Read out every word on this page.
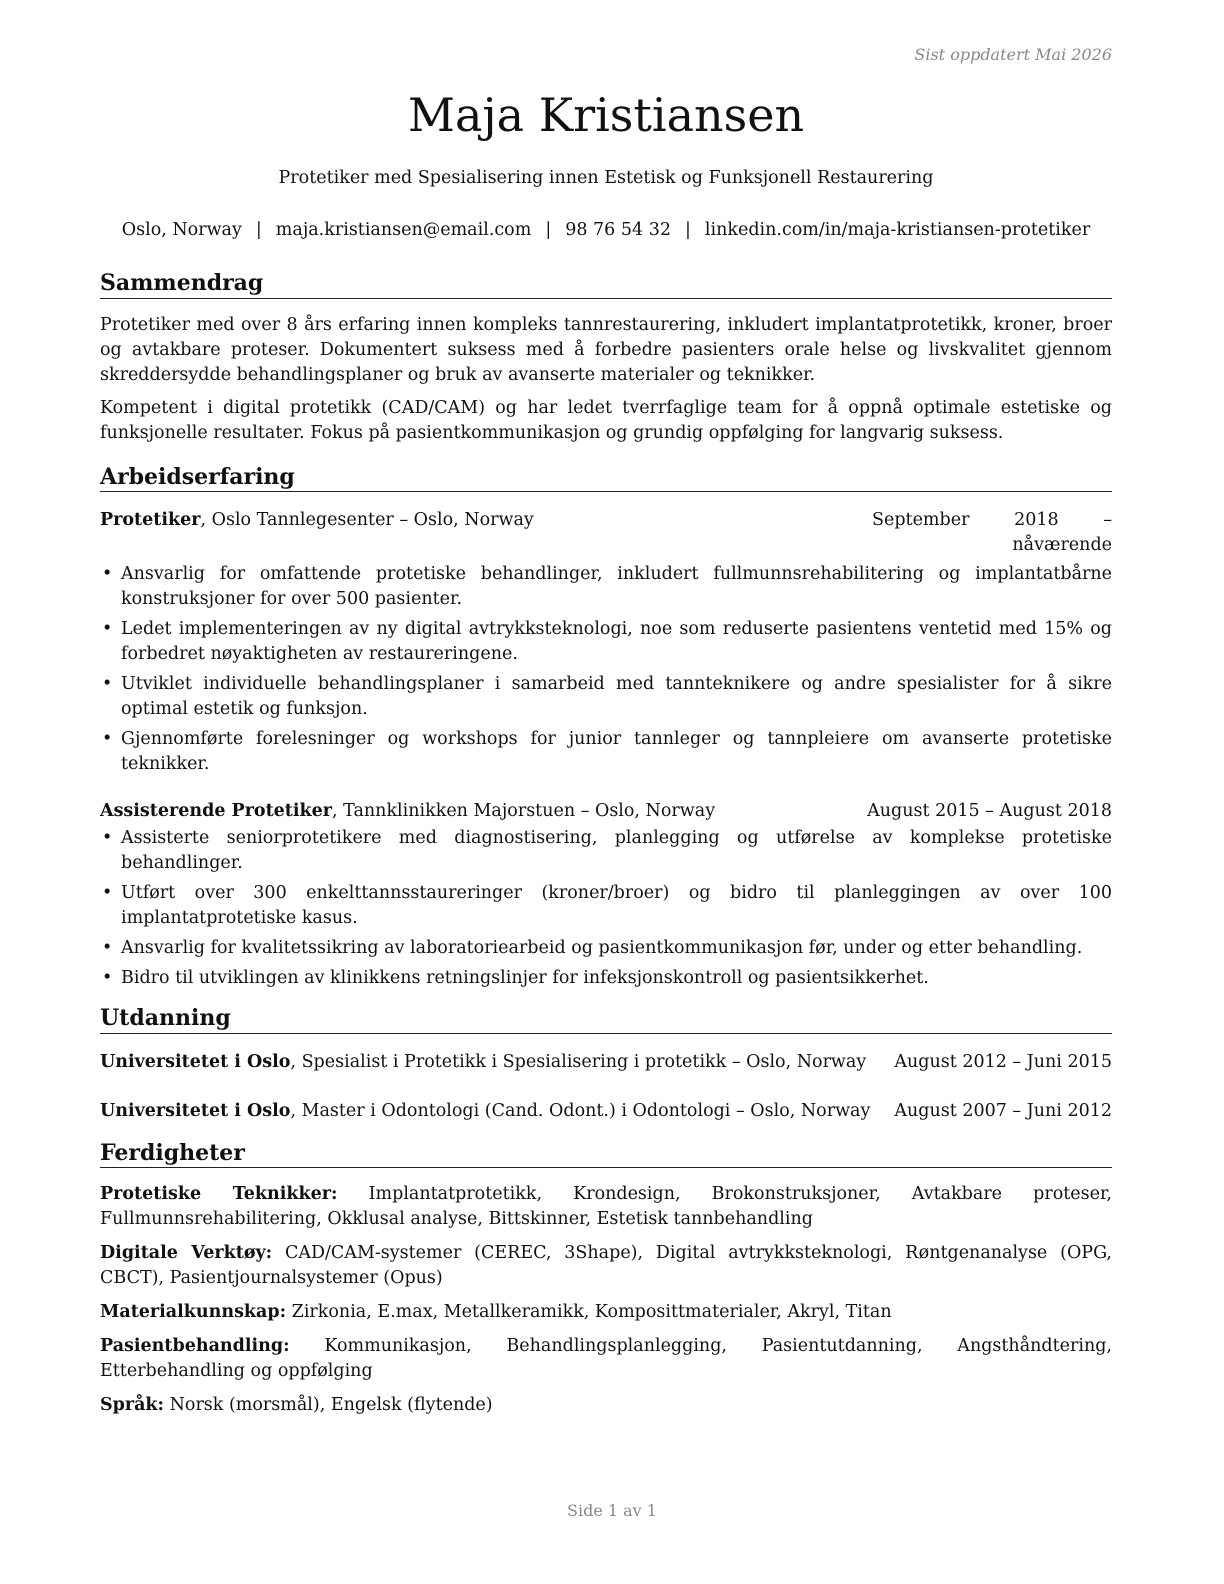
Sist oppdatert Mai 2026
Maja Kristiansen
Protetiker med Spesialisering innen Estetisk og Funksjonell Restaurering
Oslo, Norway | maja.kristiansen@email.com | 98 76 54 32 | linkedin.com/in/maja-kristiansen-protetiker
Sammendrag

Protetiker med over 8 års erfaring innen kompleks tannrestaurering, inkludert implantatprotetikk, kroner, broer og avtakbare proteser. Dokumentert suksess med å forbedre pasienters orale helse og livskvalitet gjennom skreddersydde behandlingsplaner og bruk av avanserte materialer og teknikker.

Kompetent i digital protetikk (CAD/CAM) og har ledet tverrfaglige team for å oppnå optimale estetiske og funksjonelle resultater. Fokus på pasientkommunikasjon og grundig oppfølging for langvarig suksess.

Arbeidserfaring
Protetiker, Oslo Tannlegesenter – Oslo, Norway	September 2018 – nåværende
• Ansvarlig for omfattende protetiske behandlinger, inkludert fullmunnsrehabilitering og implantatbårne konstruksjoner for over 500 pasienter.
• Ledet implementeringen av ny digital avtrykksteknologi, noe som reduserte pasientens ventetid med 15% og forbedret nøyaktigheten av restaureringene.
• Utviklet individuelle behandlingsplaner i samarbeid med tannteknikere og andre spesialister for å sikre optimal estetik og funksjon.
• Gjennomførte forelesninger og workshops for junior tannleger og tannpleiere om avanserte protetiske teknikker.
Assisterende Protetiker, Tannklinikken Majorstuen – Oslo, Norway	August 2015 – August 2018
• Assisterte seniorprotetikere med diagnostisering, planlegging og utførelse av komplekse protetiske behandlinger.
• Utført over 300 enkelttannsstaureringer (kroner/broer) og bidro til planleggingen av over 100 implantatprotetiske kasus.
• Ansvarlig for kvalitetssikring av laboratoriearbeid og pasientkommunikasjon før, under og etter behandling.
• Bidro til utviklingen av klinikkens retningslinjer for infeksjonskontroll og pasientsikkerhet.
Utdanning
Universitetet i Oslo, Spesialist i Protetikk i Spesialisering i protetikk – Oslo, Norway August 2012 – Juni 2015
Universitetet i Oslo, Master i Odontologi (Cand. Odont.) i Odontologi – Oslo, Norway August 2007 – Juni 2012
Ferdigheter

Protetiske Teknikker: Implantatprotetikk, Krondesign, Brokonstruksjoner, Avtakbare proteser, Fullmunnsrehabilitering, Okklusal analyse, Bittskinner, Estetisk tannbehandling

Digitale Verktøy: CAD/CAM-systemer (CEREC, 3Shape), Digital avtrykksteknologi, Røntgenanalyse (OPG, CBCT), Pasientjournalsystemer (Opus)

Materialkunnskap: Zirkonia, E.max, Metallkeramikk, Komposittmaterialer, Akryl, Titan

Pasientbehandling: Kommunikasjon, Behandlingsplanlegging, Pasientutdanning, Angsthåndtering, Etterbehandling og oppfølging

Språk: Norsk (morsmål), Engelsk (flytende)

Side 1 av 1
